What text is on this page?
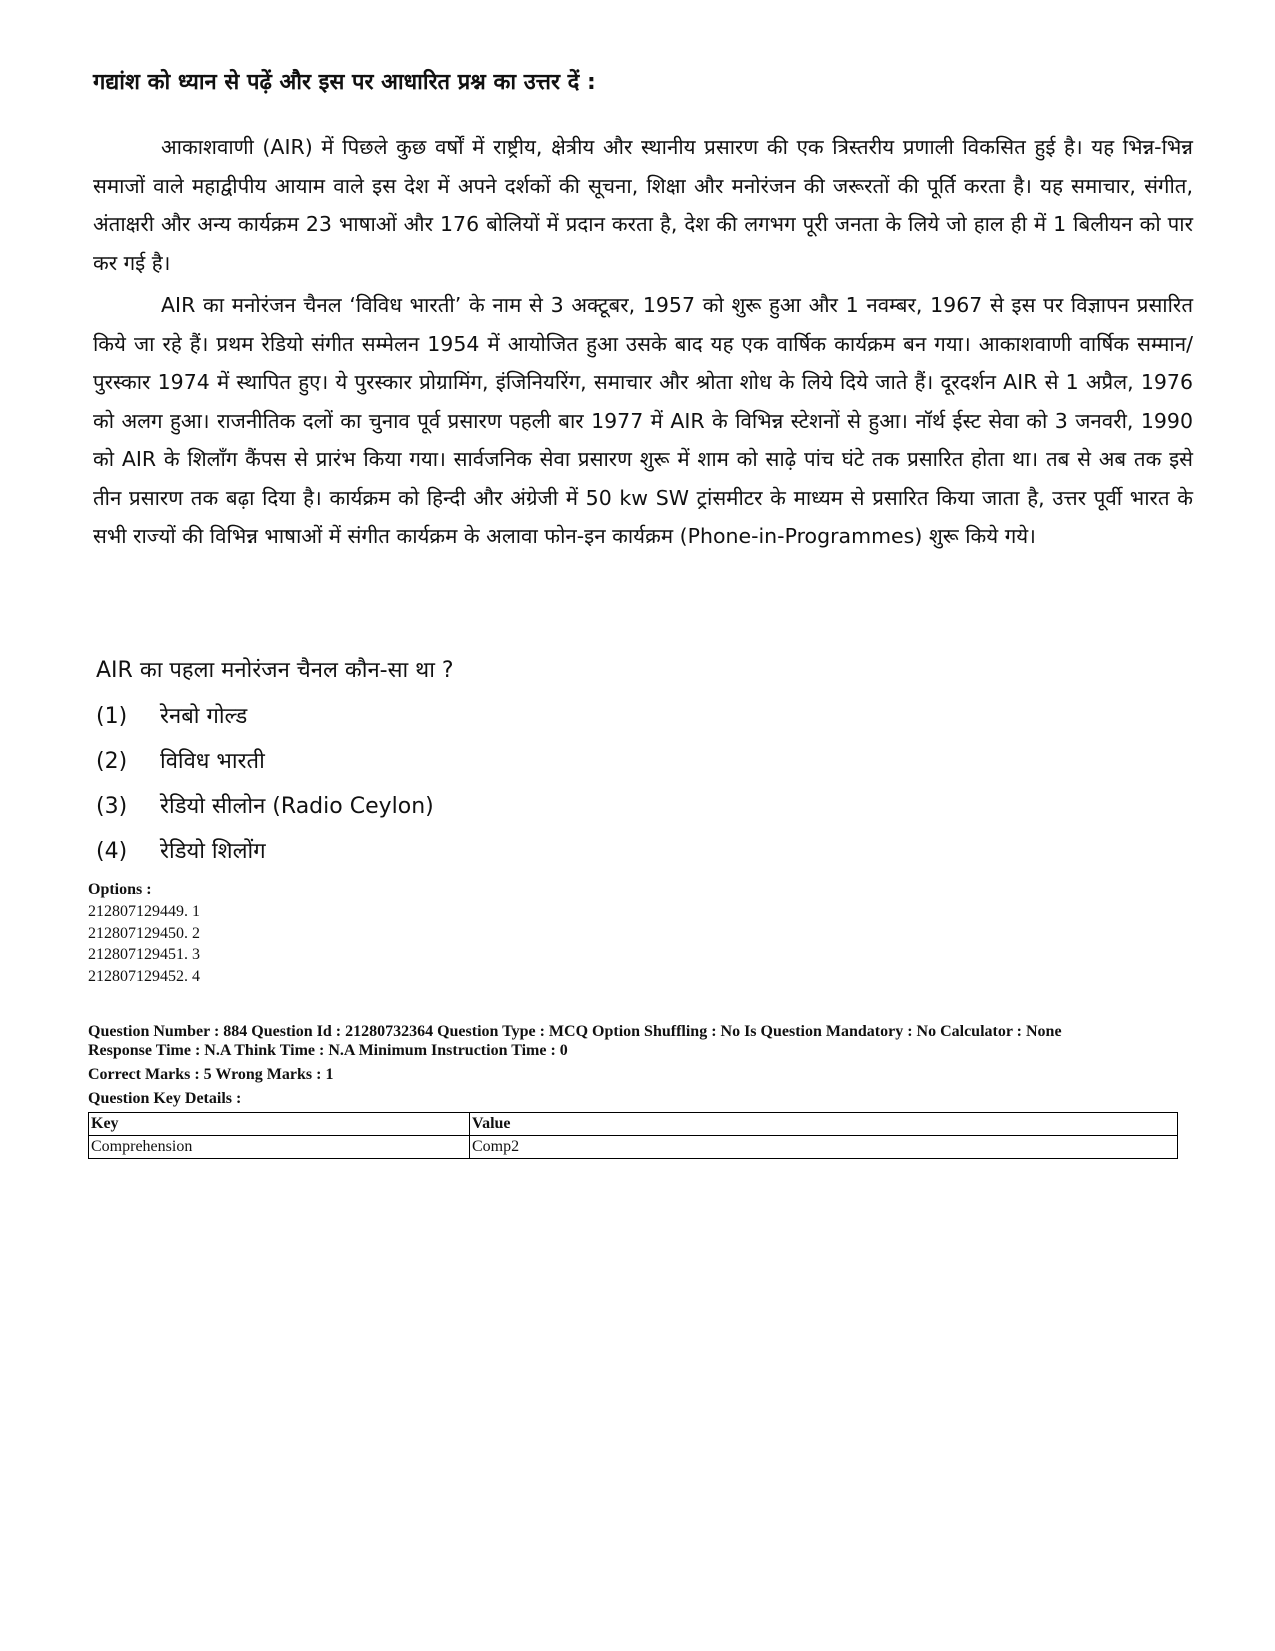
गद्यांश को ध्यान से पढ़ें और इस पर आधारित प्रश्न का उत्तर दें :

आकाशवाणी (AIR) में पिछले कुछ वर्षों में राष्ट्रीय, क्षेत्रीय और स्थानीय प्रसारण की एक त्रिस्तरीय प्रणाली विकसित हुई है। यह भिन्न-भिन्न समाजों वाले महाद्वीपीय आयाम वाले इस देश में अपने दर्शकों की सूचना, शिक्षा और मनोरंजन की जरूरतों की पूर्ति करता है। यह समाचार, संगीत, अंताक्षरी और अन्य कार्यक्रम 23 भाषाओं और 176 बोलियों में प्रदान करता है, देश की लगभग पूरी जनता के लिये जो हाल ही में 1 बिलीयन को पार कर गई है।

AIR का मनोरंजन चैनल ‘विविध भारती’ के नाम से 3 अक्टूबर, 1957 को शुरू हुआ और 1 नवम्बर, 1967 से इस पर विज्ञापन प्रसारित किये जा रहे हैं। प्रथम रेडियो संगीत सम्मेलन 1954 में आयोजित हुआ उसके बाद यह एक वार्षिक कार्यक्रम बन गया। आकाशवाणी वार्षिक सम्मान/पुरस्कार 1974 में स्थापित हुए। ये पुरस्कार प्रोग्रामिंग, इंजिनियरिंग, समाचार और श्रोता शोध के लिये दिये जाते हैं। दूरदर्शन AIR से 1 अप्रैल, 1976 को अलग हुआ। राजनीतिक दलों का चुनाव पूर्व प्रसारण पहली बार 1977 में AIR के विभिन्न स्टेशनों से हुआ। नॉर्थ ईस्ट सेवा को 3 जनवरी, 1990 को AIR के शिलाँग कैंपस से प्रारंभ किया गया। सार्वजनिक सेवा प्रसारण शुरू में शाम को साढ़े पांच घंटे तक प्रसारित होता था। तब से अब तक इसे तीन प्रसारण तक बढ़ा दिया है। कार्यक्रम को हिन्दी और अंग्रेजी में 50 kw SW ट्रांसमीटर के माध्यम से प्रसारित किया जाता है, उत्तर पूर्वी भारत के सभी राज्यों की विभिन्न भाषाओं में संगीत कार्यक्रम के अलावा फोन-इन कार्यक्रम (Phone-in-Programmes) शुरू किये गये।

AIR का पहला मनोरंजन चैनल कौन-सा था ?
(1) रेनबो गोल्ड
(2) विविध भारती
(3) रेडियो सीलोन (Radio Ceylon)
(4) रेडियो शिलोंग
Options :
212807129449. 1
212807129450. 2
212807129451. 3
212807129452. 4
Question Number : 884 Question Id : 21280732364 Question Type : MCQ Option Shuffling : No Is Question Mandatory : No Calculator : None
Response Time : N.A Think Time : N.A Minimum Instruction Time : 0
Correct Marks : 5 Wrong Marks : 1
Question Key Details :
Key	Value
Comprehension	Comp2
